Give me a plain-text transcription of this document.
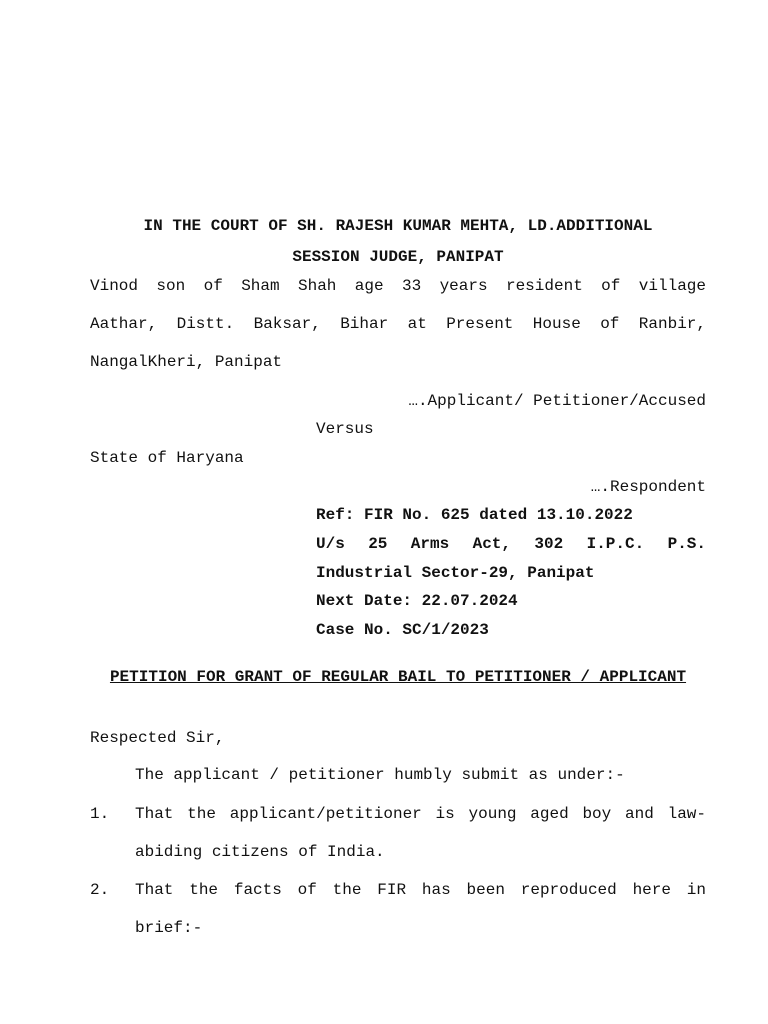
IN THE COURT OF SH. RAJESH KUMAR MEHTA, LD.ADDITIONAL
SESSION JUDGE, PANIPAT
Vinod son of Sham Shah age 33 years resident of village
Aathar, Distt. Baksar, Bihar at Present House of Ranbir,
NangalKheri, Panipat
….Applicant/ Petitioner/Accused
Versus
State of Haryana
….Respondent
Ref: FIR No. 625 dated 13.10.2022
U/s 25 Arms Act, 302 I.P.C. P.S.
Industrial Sector-29, Panipat
Next Date: 22.07.2024
Case No. SC/1/2023
PETITION FOR GRANT OF REGULAR BAIL TO PETITIONER / APPLICANT
Respected Sir,
The applicant / petitioner humbly submit as under:-
1. That the applicant/petitioner is young aged boy and law-
abiding citizens of India.
2. That the facts of the FIR has been reproduced here in
brief:-
